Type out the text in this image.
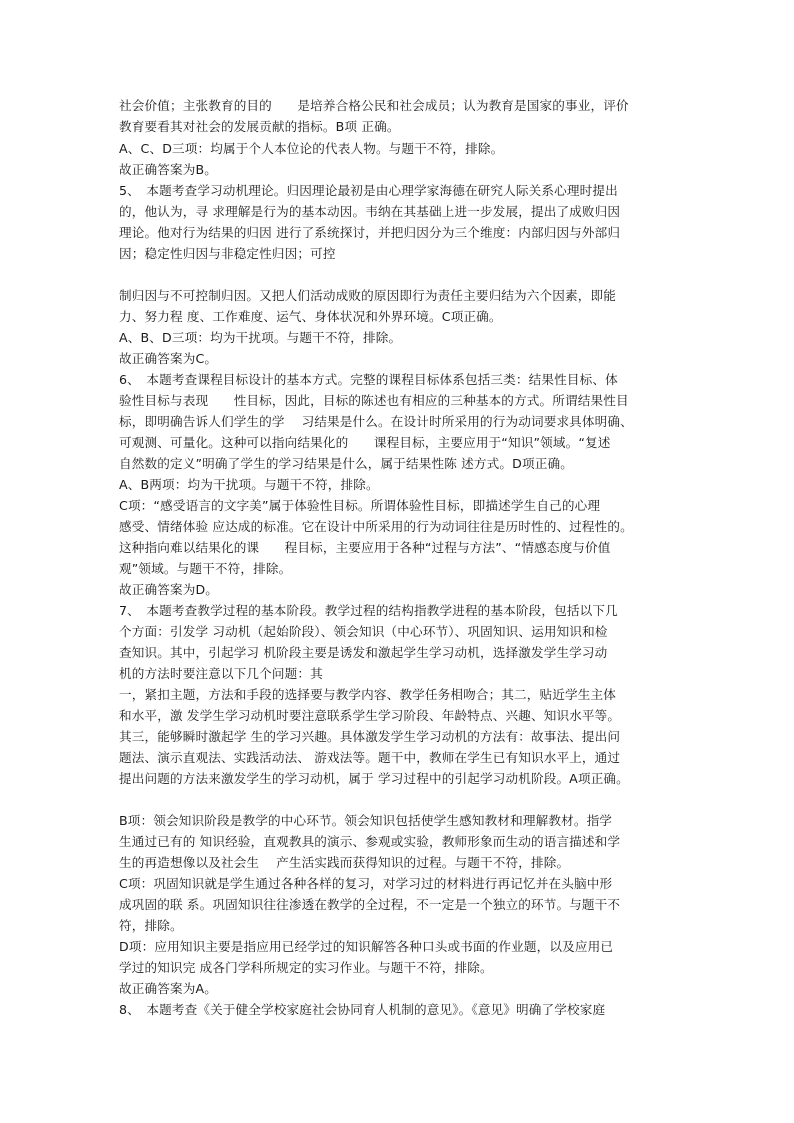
社会价值；主张教育的目的　　是培养合格公民和社会成员；认为教育是国家的事业，评价

教育要看其对社会的发展贡献的指标。B项 正确。

A、C、D三项：均属于个人本位论的代表人物。与题干不符，排除。

故正确答案为B。

5、　本题考查学习动机理论。归因理论最初是由心理学家海德在研究人际关系心理时提出

的，他认为，寻 求理解是行为的基本动因。韦纳在其基础上进一步发展，提出了成败归因

理论。他对行为结果的归因 进行了系统探讨，并把归因分为三个维度：内部归因与外部归

因；稳定性归因与非稳定性归因；可控

制归因与不可控制归因。又把人们活动成败的原因即行为责任主要归结为六个因素，即能

力、努力程 度、工作难度、运气、身体状况和外界环境。C项正确。

A、B、D三项：均为干扰项。与题干不符，排除。

故正确答案为C。

6、　本题考查课程目标设计的基本方式。完整的课程目标体系包括三类：结果性目标、体

验性目标与表现　　性目标，因此，目标的陈述也有相应的三种基本的方式。所谓结果性目

标，即明确告诉人们学生的学　 习结果是什么。在设计时所采用的行为动词要求具体明确、

可观测、可量化。这种可以指向结果化的　　课程目标，主要应用于“知识”领域。“复述

自然数的定义”明确了学生的学习结果是什么，属于结果性陈 述方式。D项正确。

A、B两项：均为干扰项。与题干不符，排除。

C项：“感受语言的文字美”属于体验性目标。所谓体验性目标，即描述学生自己的心理

感受、情绪体验 应达成的标准。它在设计中所采用的行为动词往往是历时性的、过程性的。

这种指向难以结果化的课　　程目标，主要应用于各种“过程与方法”、“情感态度与价值

观”领域。与题干不符，排除。

故正确答案为D。

7、　本题考查教学过程的基本阶段。教学过程的结构指教学进程的基本阶段，包括以下几

个方面：引发学 习动机（起始阶段）、领会知识（中心环节）、巩固知识、运用知识和检

查知识。其中，引起学习 机阶段主要是诱发和激起学生学习动机，选择激发学生学习动

机的方法时要注意以下几个问题：其

一，紧扣主题，方法和手段的选择要与教学内容、教学任务相吻合；其二，贴近学生主体

和水平，激 发学生学习动机时要注意联系学生学习阶段、年龄特点、兴趣、知识水平等。

其三，能够瞬时激起学 生的学习兴趣。具体激发学生学习动机的方法有：故事法、提出问

题法、演示直观法、实践活动法、 游戏法等。题干中，教师在学生已有知识水平上，通过

提出问题的方法来激发学生的学习动机，属于 学习过程中的引起学习动机阶段。A项正确。

B项：领会知识阶段是教学的中心环节。领会知识包括使学生感知教材和理解教材。指学

生通过已有的 知识经验，直观教具的演示、参观或实验，教师形象而生动的语言描述和学

生的再造想像以及社会生　 产生活实践而获得知识的过程。与题干不符，排除。

C项：巩固知识就是学生通过各种各样的复习，对学习过的材料进行再记忆并在头脑中形

成巩固的联 系。巩固知识往往渗透在教学的全过程，不一定是一个独立的环节。与题干不

符，排除。

D项：应用知识主要是指应用已经学过的知识解答各种口头或书面的作业题，以及应用已

学过的知识完 成各门学科所规定的实习作业。与题干不符，排除。

故正确答案为A。

8、　本题考查《关于健全学校家庭社会协同育人机制的意见》。《意见》明确了学校家庭
